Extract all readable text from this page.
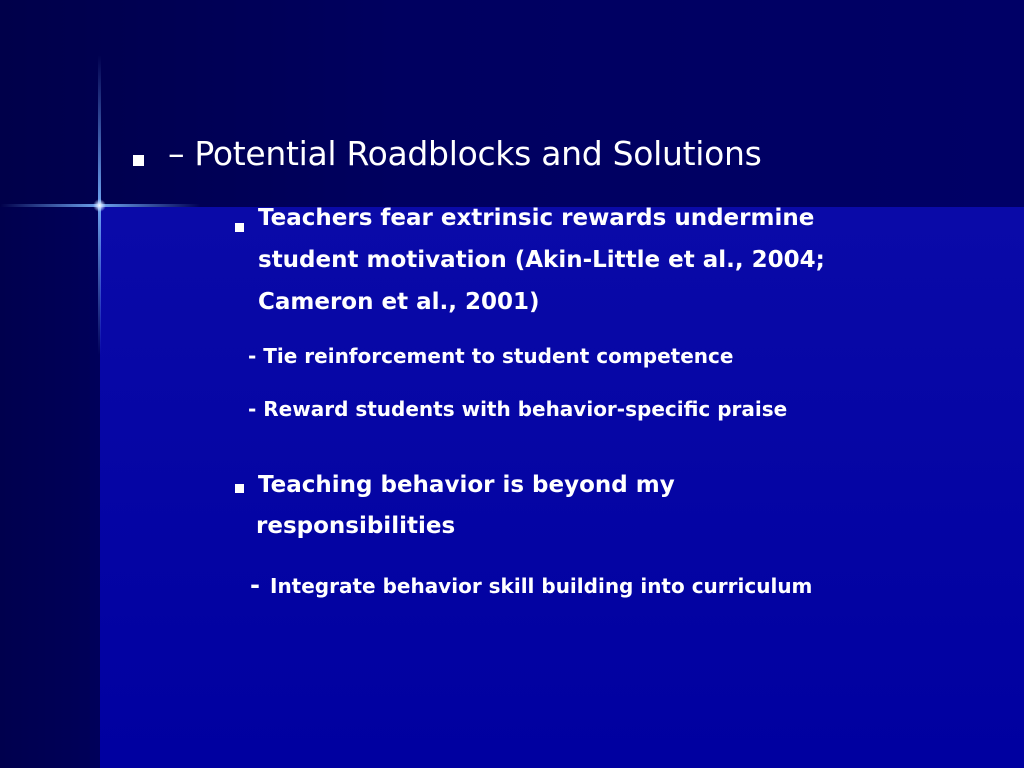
– Potential Roadblocks and Solutions
Teachers fear extrinsic rewards undermine
student motivation (Akin-Little et al., 2004;
Cameron et al., 2001)
- Tie reinforcement to student competence
- Reward students with behavior-specific praise
Teaching behavior is beyond my
responsibilities
- Integrate behavior skill building into curriculum
